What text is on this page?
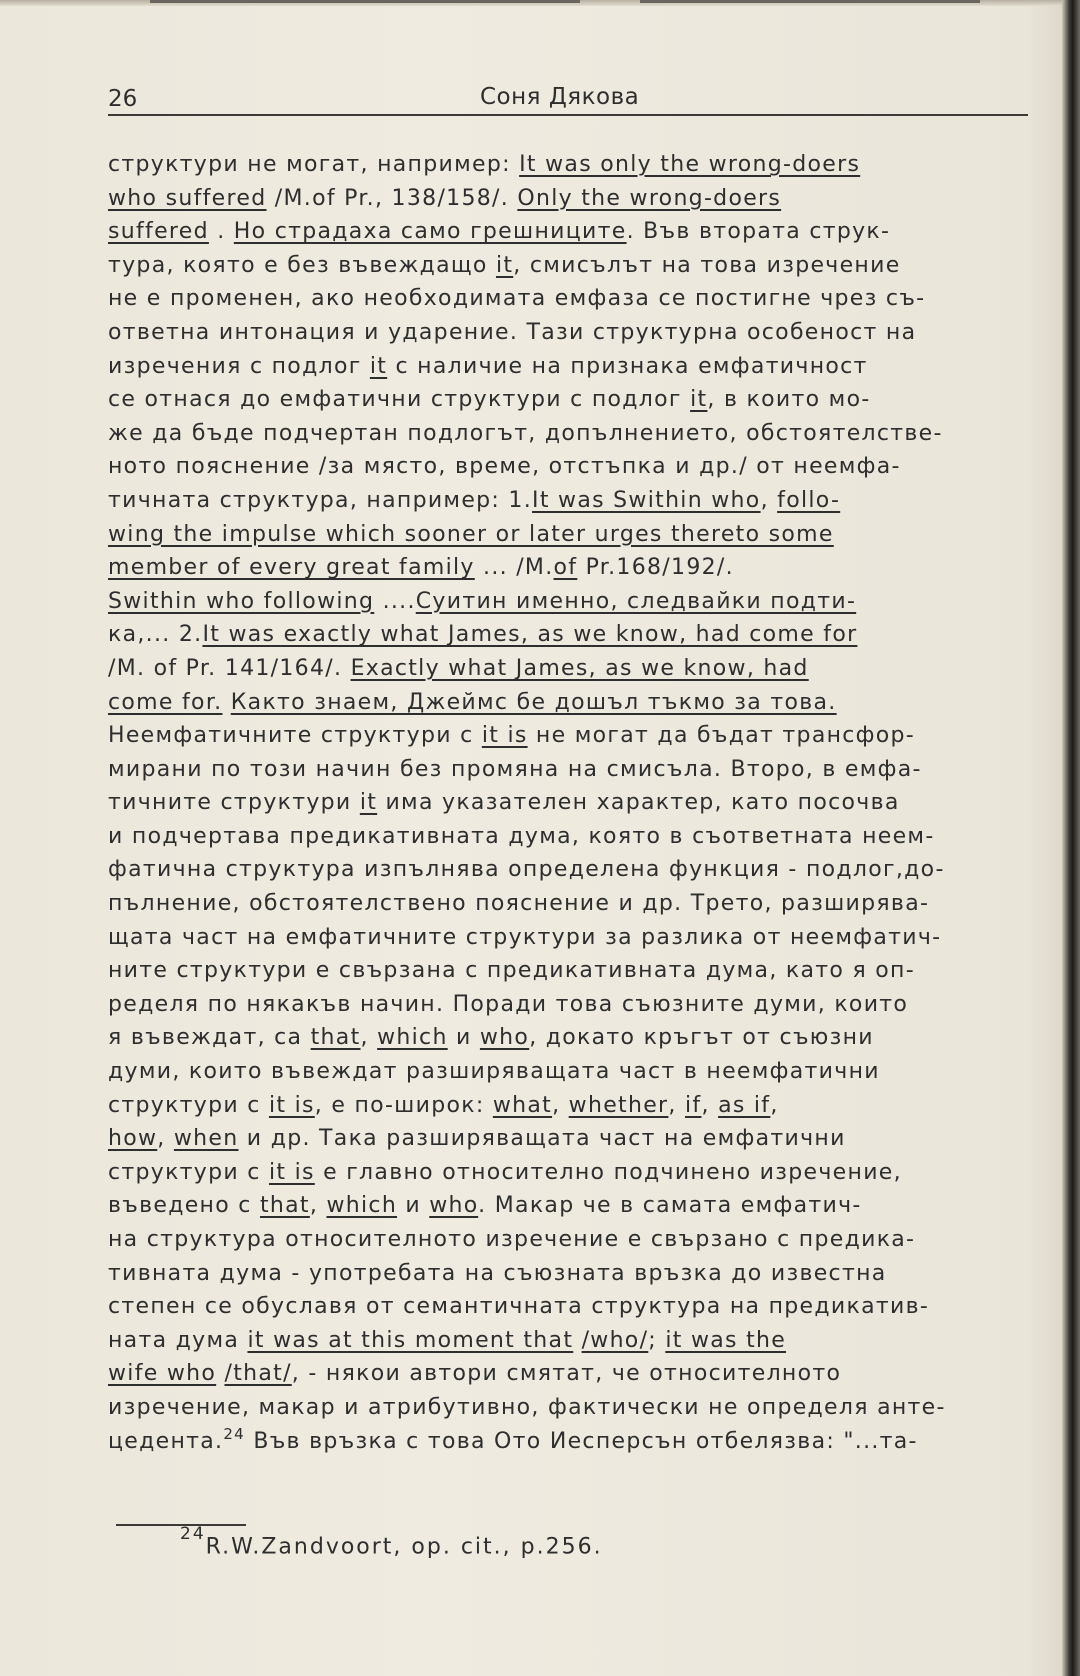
26	Соня Дякова
структури не могат, например: It was only the wrong-doers
who suffered /M.of Pr., 138/158/. Only the wrong-doers
suffered . Но страдаха само грешниците. Във втората струк-
тура, която е без въвеждащо it, смисълът на това изречение
не е променен, ако необходимата емфаза се постигне чрез съ-
ответна интонация и ударение. Тази структурна особеност на
изречения с подлог it с наличие на признака емфатичност
се отнася до емфатични структури с подлог it, в които мо-
же да бъде подчертан подлогът, допълнението, обстоятелстве-
ното пояснение /за място, време, отстъпка и др./ от неемфа-
тичната структура, например: 1.It was Swithin who, follo-
wing the impulse which sooner or later urges thereto some
member of every great family ... /M.of Pr.168/192/.
Swithin who following ....Суитин именно, следвайки подти-
ка,... 2.It was exactly what James, as we know, had come for
/M. of Pr. 141/164/. Exactly what James, as we know, had
come for. Както знаем, Джеймс бе дошъл тъкмо за това.
Неемфатичните структури с it is не могат да бъдат трансфор-
мирани по този начин без промяна на смисъла. Второ, в емфа-
тичните структури it има указателен характер, като посочва
и подчертава предикативната дума, която в съответната неем-
фатична структура изпълнява определена функция - подлог,до-
пълнение, обстоятелствено пояснение и др. Трето, разширява-
щата част на емфатичните структури за разлика от неемфатич-
ните структури е свързана с предикативната дума, като я оп-
ределя по някакъв начин. Поради това съюзните думи, които
я въвеждат, са that, which и who, докато кръгът от съюзни
думи, които въвеждат разширяващата част в неемфатични
структури с it is, е по-широк: what, whether, if, as if,
how, when и др. Така разширяващата част на емфатични
структури с it is е главно относително подчинено изречение,
въведено с that, which и who. Макар че в самата емфатич-
на структура относителното изречение е свързано с предика-
тивната дума - употребата на съюзната връзка до известна
степен се обуславя от семантичната структура на предикатив-
ната дума it was at this moment that /who/; it was the
wife who /that/, - някои автори смятат, че относителното
изречение, макар и атрибутивно, фактически не определя анте-
цедента.$^{24}$ Във връзка с това Ото Иесперсън отбелязва: "...та-
$^{24}$R.W.Zandvoort, op. cit., p.256.
